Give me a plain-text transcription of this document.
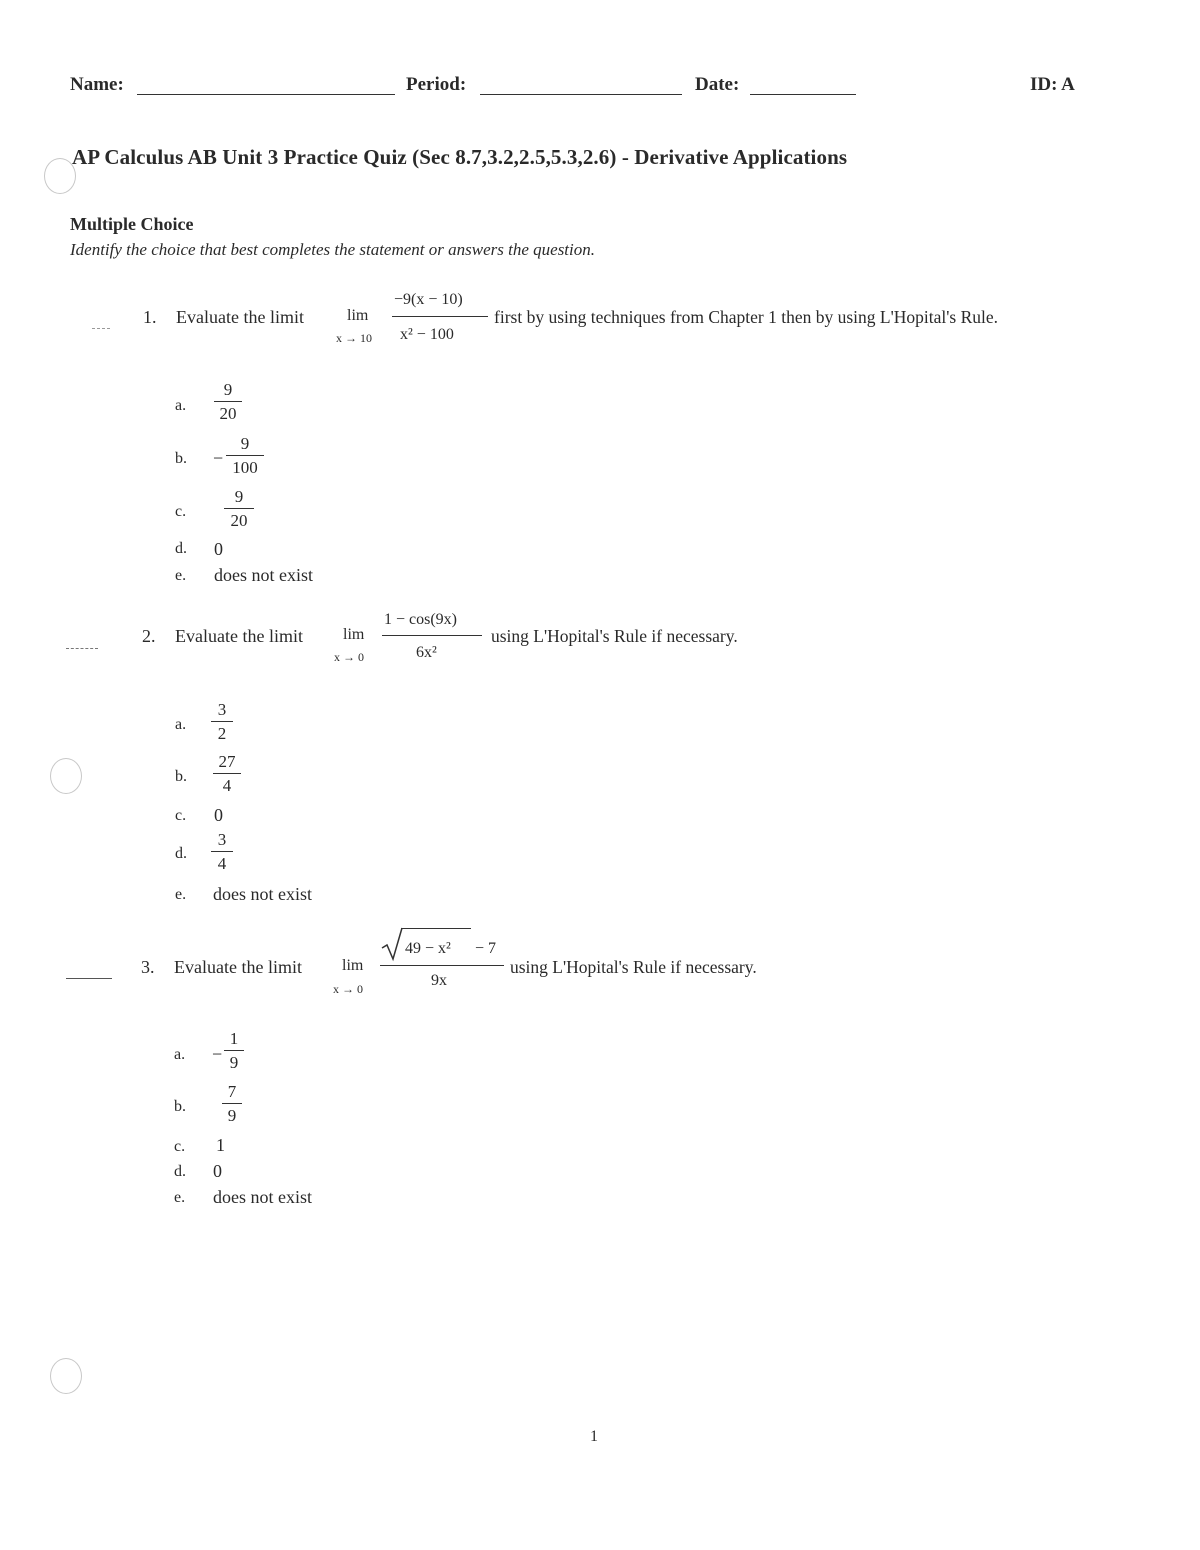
Name:	Period:	Date:	ID: A
AP Calculus AB Unit 3 Practice Quiz (Sec 8.7,3.2,2.5,5.3,2.6) - Derivative Applications
Multiple Choice
Identify the choice that best completes the statement or answers the question.
1. Evaluate the limit	lim
x → 10
−9(x − 10)
x² − 100
first by using techniques from Chapter 1 then by using L'Hopital's Rule.
a.
9
20
b. −
9
100
c.
9
20
d. 0
e. does not exist
2. Evaluate the limit	lim
x → 0
1 − cos(9x)
6x²
using L'Hopital's Rule if necessary.
a.
3
2
b.
27
4
c. 0
d.
3
4
e. does not exist
3. Evaluate the limit	lim
x → 0
49 − x² − 7
9x
using L'Hopital's Rule if necessary.
a. −
1
9
b.
7
9
c. 1
d. 0
e. does not exist
1
